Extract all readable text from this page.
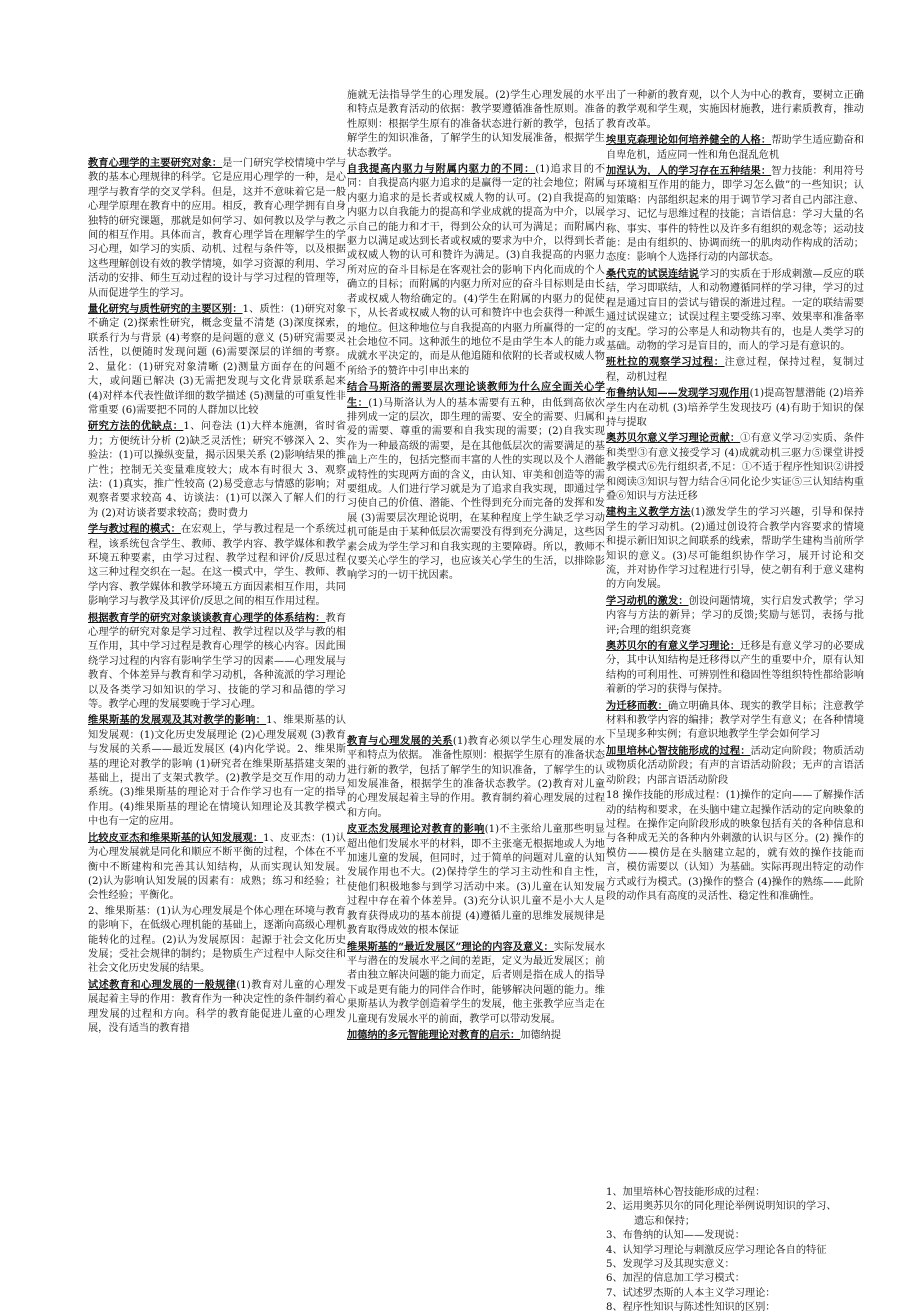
教育心理学的主要研究对象：是一门研究学校情境中学与教的基本心理规律的科学。它是应用心理学的一种，是心理学与教育学的交叉学科。但是，这并不意味着它是一般心理学原理在教育中的应用。相反，教育心理学拥有自身独特的研究课题，那就是如何学习、如何教以及学与教之间的相互作用。具体而言，教育心理学旨在理解学生的学习心理，如学习的实质、动机、过程与条件等，以及根据这些理解创设有效的教学情境，如学习资源的利用、学习活动的安排、师生互动过程的设计与学习过程的管理等，从而促进学生的学习。

量化研究与质性研究的主要区别：1、质性：(1)研究对象不确定 (2)探索性研究，概念变量不清楚 (3)深度探索，联系行为与背景 (4)考察的是问题的意义 (5)研究需要灵活性，以便随时发现问题 (6)需要深层的详细的考察。2、量化：(1)研究对象清晰 (2)测量方面存在的问题不大，或问题已解决 (3)无需把发现与文化背景联系起来 (4)对样本代表性做详细的数学描述 (5)测量的可重复性非常重要 (6)需要把不同的人群加以比较

研究方法的优缺点：1、问卷法 (1)大样本施测，省时省力；方便统计分析 (2)缺乏灵活性；研究不够深入 2、实验法：(1)可以操纵变量，揭示因果关系 (2)影响结果的推广性；控制无关变量难度较大；成本有时很大 3、观察法：(1)真实，推广性较高 (2)易受意志与情感的影响；对观察者要求较高 4、访谈法：(1)可以深入了解人们的行为 (2)对访谈者要求较高；费时费力

学与教过程的模式：在宏观上，学与教过程是一个系统过程，该系统包含学生、教师、教学内容、教学媒体和教学环境五种要素，由学习过程、教学过程和评价/反思过程这三种过程交织在一起。在这一模式中，学生、教师、教学内容、教学媒体和教学环境五方面因素相互作用，共同影响学习与教学及其评价/反思之间的相互作用过程。

根据教育学的研究对象谈谈教育心理学的体系结构：教育心理学的研究对象是学习过程、教学过程以及学与教的相互作用，其中学习过程是教育心理学的核心内容。因此围绕学习过程的内容有影响学生学习的因素——心理发展与教育、个体差异与教育和学习动机，各种流派的学习理论以及各类学习如知识的学习、技能的学习和品德的学习等。教学心理的发展要晚于学习心理。

维果斯基的发展观及其对教学的影响：1、维果斯基的认知发展观：(1)文化历史发展理论 (2)心理发展观 (3)教育与发展的关系——最近发展区 (4)内化学说。2、维果斯基的理论对教学的影响 (1)研究者在维果斯基搭建支架的基础上，提出了支架式教学。(2)教学是交互作用的动力系统。(3)维果斯基的理论对于合作学习也有一定的指导作用。(4)维果斯基的理论在情境认知理论及其教学模式中也有一定的应用。

比较皮亚杰和维果斯基的认知发展观：1、皮亚杰：(1)认为心理发展就是同化和顺应不断平衡的过程，个体在不平衡中不断建构和完善其认知结构，从而实现认知发展。(2)认为影响认知发展的因素有：成熟；练习和经验；社会性经验；平衡化。

2、维果斯基：(1)认为心理发展是个体心理在环境与教育的影响下，在低级心理机能的基础上，逐渐向高级心理机能转化的过程。(2)认为发展原因：起源于社会文化历史发展；受社会规律的制约；是物质生产过程中人际交往和社会文化历史发展的结果。

试述教育和心理发展的一般规律(1)教育对儿童的心理发展起着主导的作用：教育作为一种决定性的条件制约着心理发展的过程和方向。科学的教育能促进儿童的心理发展，没有适当的教育措

施就无法指导学生的心理发展。(2)学生心理发展的水平和特点是教育活动的依据：教学要遵循准备性原则。准备性原则：根据学生原有的准备状态进行新的教学，包括了解学生的知识准备，了解学生的认知发展准备，根据学生状态教学。

自我提高内驱力与附属内驱力的不同：(1)追求目的不同：自我提高内驱力追求的是赢得一定的社会地位；附属内驱力追求的是长者或权威人物的认可。(2)自我提高的内驱力以自我能力的提高和学业成就的提高为中介，以展示自己的能力和才干，得到公众的认可为满足；而附属内驱力以满足或达到长者或权威的要求为中介，以得到长者或权威人物的认可和赞许为满足。(3)自我提高的内驱力所对应的奋斗目标是在客观社会的影响下内化而成的个人确立的目标；而附属的内驱力所对应的奋斗目标则是由长者或权威人物给确定的。(4)学生在附属的内驱力的促使下，从长者或权威人物的认可和赞许中也会获得一种派生的地位。但这种地位与自我提高的内驱力所赢得的一定的社会地位不同。这种派生的地位不是由学生本人的能力或成就水平决定的，而是从他追随和依附的长者或权威人物所给予的赞许中引申出来的

结合马斯洛的需要层次理论谈教师为什么应全面关心学生：(1)马斯洛认为人的基本需要有五种，由低到高依次排列成一定的层次，即生理的需要、安全的需要、归属和爱的需要、尊重的需要和自我实现的需要；(2)自我实现作为一种最高级的需要，是在其他低层次的需要满足的基础上产生的，包括完整而丰富的人性的实现以及个人潜能或特性的实现两方面的含义，由认知、审美和创造等的需要组成。人们进行学习就是为了追求自我实现，即通过学习使自己的价值、潜能、个性得到充分而完备的发挥和发展 (3)需要层次理论说明，在某种程度上学生缺乏学习动机可能是由于某种低层次需要没有得到充分满足，这些因素会成为学生学习和自我实现的主要障碍。所以，教师不仅要关心学生的学习，也应该关心学生的生活，以排除影响学习的一切干扰因素。

教育与心理发展的关系(1)教育必须以学生心理发展的水平和特点为依据。 准备性原则：根据学生原有的准备状态进行新的教学，包括了解学生的知识准备，了解学生的认知发展准备，根据学生的准备状态教学。(2)教育对儿童的心理发展起着主导的作用。教育制约着心理发展的过程和方向。

皮亚杰发展理论对教育的影响(1)不主张给儿童那些明显超出他们发展水平的材料，即不主张毫无根据地或人为地加速儿童的发展，但同时，过于简单的问题对儿童的认知发展作用也不大。(2)保持学生的学习主动性和自主性，使他们积极地参与到学习活动中来。(3)儿童在认知发展过程中存在着个体差异。(3)充分认识儿童不是小大人是教育获得成功的基本前提 (4)遵循儿童的思维发展规律是教育取得成效的根本保证

维果斯基的“最近发展区”理论的内容及意义：实际发展水平与潜在的发展水平之间的差距，定义为最近发展区；前者由独立解决问题的能力而定，后者则是指在成人的指导下或是更有能力的同伴合作时，能够解决问题的能力。维果斯基认为教学创造着学生的发展，他主张教学应当走在儿童现有发展水平的前面，教学可以带动发展。

加德纳的多元智能理论对教育的启示：加德纳提

出了一种新的教育观，以个人为中心的教育，要树立正确的教学观和学生观，实施因材施教，进行素质教育，推动教育改革。

埃里克森理论如何培养健全的人格：帮助学生适应勤奋和自卑危机，适应同一性和角色混乱危机

加涅认为，人的学习存在五种结果：智力技能：利用符号与环境相互作用的能力，即学习怎么做”的一些知识；认知策略：内部组织起来的用于调节学习者自己内部注意、学习、记忆与思维过程的技能；言语信息：学习大量的名称、事实、事件的特性以及许多有组织的观念等；运动技能：是由有组织的、协调而统一的肌肉动作构成的活动；态度：影响个人选择行动的内部状态。

桑代克的试误连结说学习的实质在于形成刺激—反应的联结，学习即联结，人和动物遵循同样的学习律，学习的过程是通过盲目的尝试与错误的渐进过程。一定的联结需要通过试误建立；试误过程主要受练习率、效果率和准备率的支配。学习的公率是人和动物共有的，也是人类学习的基础。动物的学习是盲目的，而人的学习是有意识的。

班杜拉的观察学习过程：注意过程，保持过程，复制过程，动机过程

布鲁纳认知——发现学习观作用(1)提高智慧潜能 (2)培养学生内在动机 (3)培养学生发现技巧 (4)有助于知识的保持与提取

奥苏贝尔意义学习理论贡献：①有意义学习②实质、条件和类型③有意义接受学习 (4)成就动机三驱力⑤课堂讲授教学模式⑥先行组织者,不足：①不适于程序性知识②讲授和阅读③知识与智力结合④同化论少实证⑤三认知结构重叠⑥知识与方法迁移

建构主义教学方法(1)激发学生的学习兴趣，引导和保持学生的学习动机。(2)通过创设符合教学内容要求的情境和提示新旧知识之间联系的线索，帮助学生建构当前所学知识的意义。(3)尽可能组织协作学习，展开讨论和交流，并对协作学习过程进行引导，使之朝有利于意义建构的方向发展。

学习动机的激发：创设问题情境，实行启发式教学；学习内容与方法的新异；学习的反馈;奖励与惩罚，表扬与批评;合理的组织竞赛

奥苏贝尔的有意义学习理论：迁移是有意义学习的必要成分，其中认知结构是迁移得以产生的重要中介，原有认知结构的可利用性、可辨别性和稳固性等组织特性都给影响着新的学习的获得与保持。

为迁移而教：确立明确具体、现实的教学目标；注意教学材料和教学内容的编排；教学对学生有意义；在各种情境下呈现多种实例；有意识地教学生学会如何学习

加里培林心智技能形成的过程：活动定向阶段；物质活动或物质化活动阶段；有声的言语活动阶段；无声的言语活动阶段；内部言语活动阶段

18 操作技能的形成过程：(1)操作的定向——了解操作活动的结构和要求，在头脑中建立起操作活动的定向映象的过程。在操作定向阶段形成的映象包括有关的各种信息和与各种成无关的各种内外刺激的认识与区分。(2) 操作的模仿——模仿是在头脑建立起的，就有效的操作技能而言，模仿需要以（认知）为基础。实际再现出特定的动作方式或行为模式。(3)操作的整合 (4)操作的熟练——此阶段的动作具有高度的灵活性、稳定性和准确性。

1、加里培林心智技能形成的过程：

2、运用奥苏贝尔的同化理论举例说明知识的学习、

遗忘和保持；

3、布鲁纳的认知——发现说：

4、认知学习理论与刺激反应学习理论各自的特征

5、发现学习及其现实意义：

6、加涅的信息加工学习模式：

7、试述罗杰斯的人本主义学习理论：

8、程序性知识与陈述性知识的区别：
